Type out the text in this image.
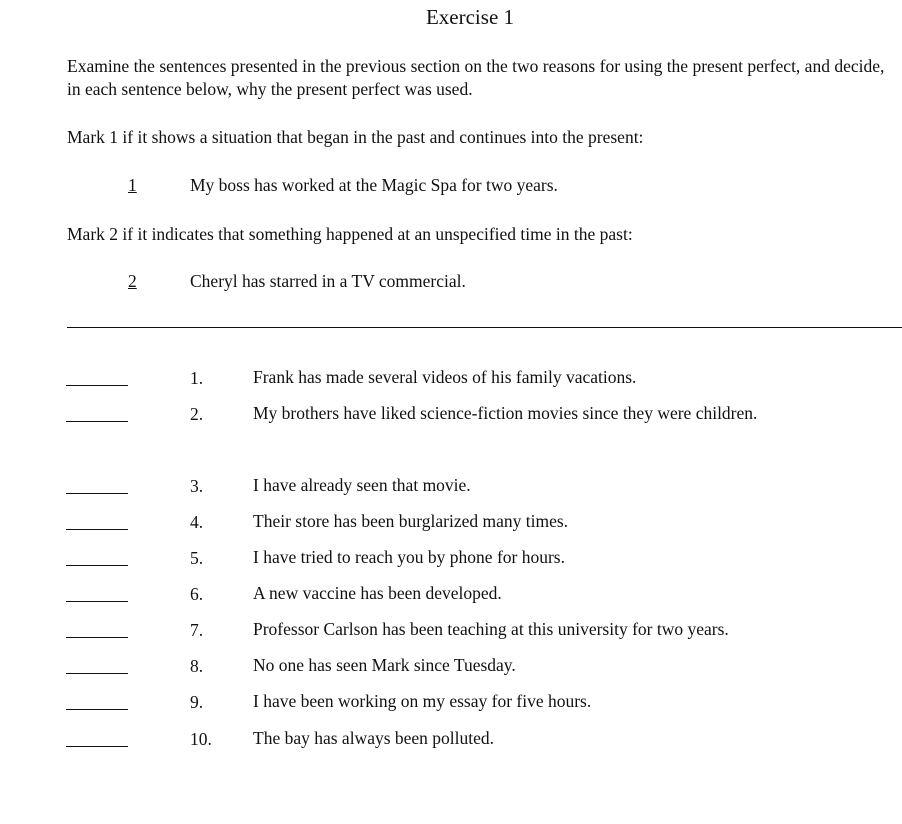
Exercise 1
Examine the sentences presented in the previous section on the two reasons for using the present perfect, and decide, in each sentence below, why the present perfect was used.
Mark 1 if it shows a situation that began in the past and continues into the present:
1	My boss has worked at the Magic Spa for two years.
Mark 2 if it indicates that something happened at an unspecified time in the past:
2	Cheryl has starred in a TV commercial.
1.	Frank has made several videos of his family vacations.
2.	My brothers have liked science-fiction movies since they were children.
3.	I have already seen that movie.
4.	Their store has been burglarized many times.
5.	I have tried to reach you by phone for hours.
6.	A new vaccine has been developed.
7.	Professor Carlson has been teaching at this university for two years.
8.	No one has seen Mark since Tuesday.
9.	I have been working on my essay for five hours.
10. The bay has always been polluted.
